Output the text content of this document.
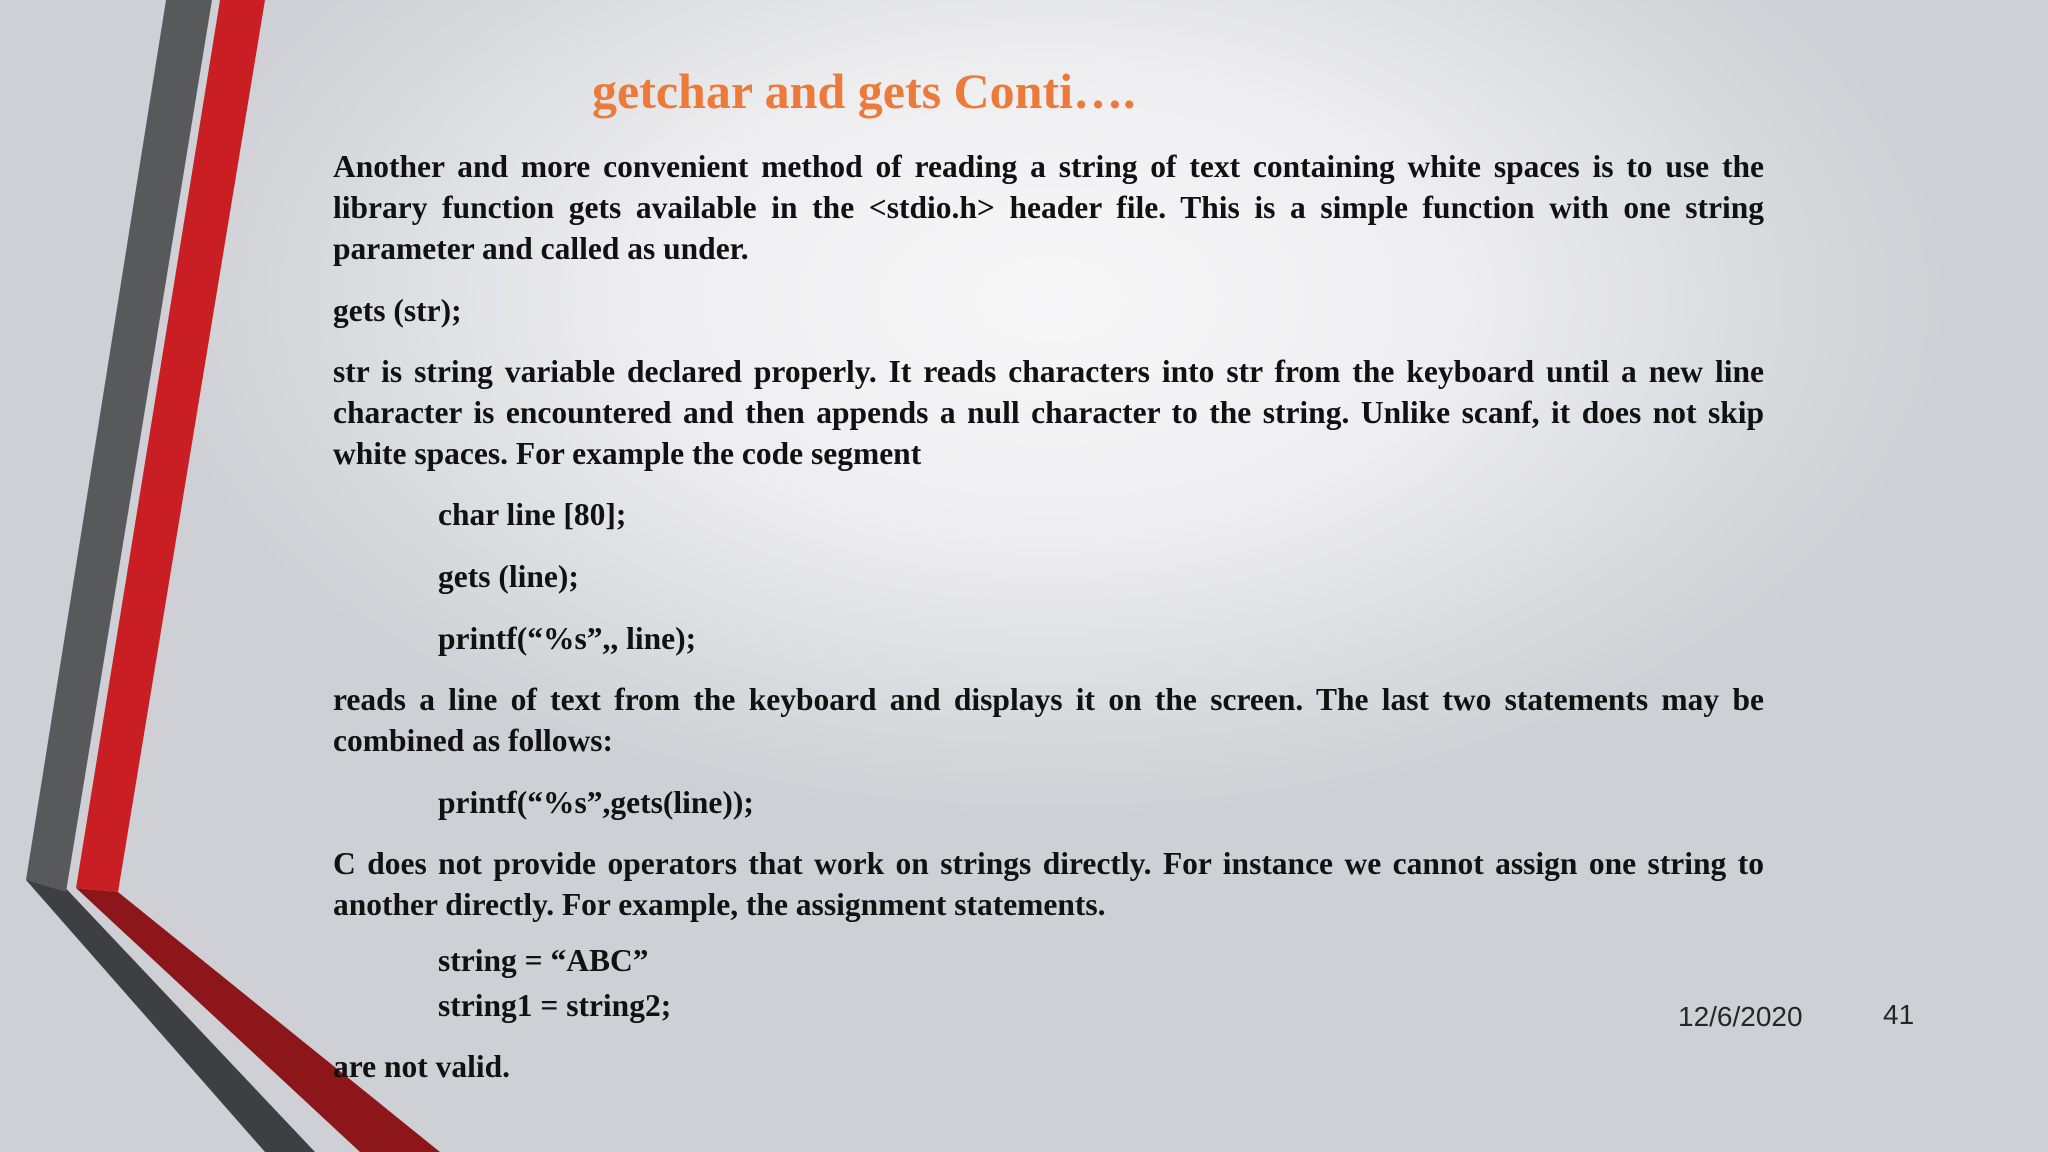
getchar and gets Conti….

Another and more convenient method of reading a string of text containing white spaces is to use the library function gets available in the <stdio.h> header file. This is a simple function with one string parameter and called as under.

gets (str);

str is string variable declared properly. It reads characters into str from the keyboard until a new line character is encountered and then appends a null character to the string. Unlike scanf, it does not skip white spaces. For example the code segment

char line [80];

gets (line);

printf(“%s”,, line);

reads a line of text from the keyboard and displays it on the screen. The last two statements may be combined as follows:

printf(“%s”,gets(line));

C does not provide operators that work on strings directly. For instance we cannot assign one string to another directly. For example, the assignment statements.

string = “ABC”

string1 = string2;

are not valid.

12/6/2020	41
